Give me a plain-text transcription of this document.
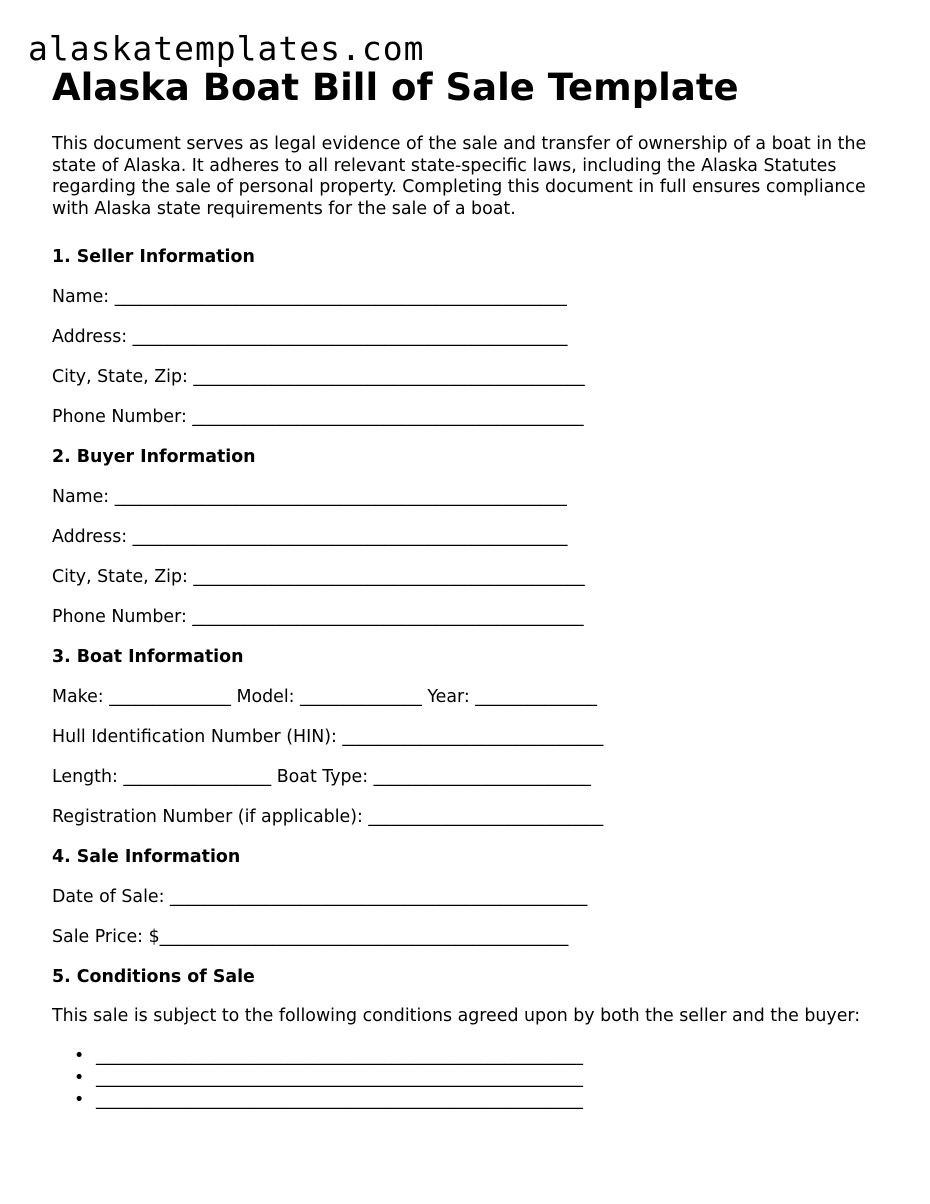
alaskatemplates.com
Alaska Boat Bill of Sale Template

This document serves as legal evidence of the sale and transfer of ownership of a boat in the state of Alaska. It adheres to all relevant state-specific laws, including the Alaska Statutes regarding the sale of personal property. Completing this document in full ensures compliance with Alaska state requirements for the sale of a boat.

1. Seller Information

Name: ____________________________________________________

Address: __________________________________________________

City, State, Zip: _____________________________________________

Phone Number: _____________________________________________

2. Buyer Information

Name: ____________________________________________________

Address: __________________________________________________

City, State, Zip: _____________________________________________

Phone Number: _____________________________________________

3. Boat Information

Make: ______________ Model: ______________ Year: ______________

Hull Identification Number (HIN): ______________________________

Length: _________________ Boat Type: _________________________

Registration Number (if applicable): ___________________________

4. Sale Information

Date of Sale: ________________________________________________

Sale Price: $_______________________________________________

5. Conditions of Sale

This sale is subject to the following conditions agreed upon by both the seller and the buyer:

• ________________________________________________________
• ________________________________________________________
• ________________________________________________________
